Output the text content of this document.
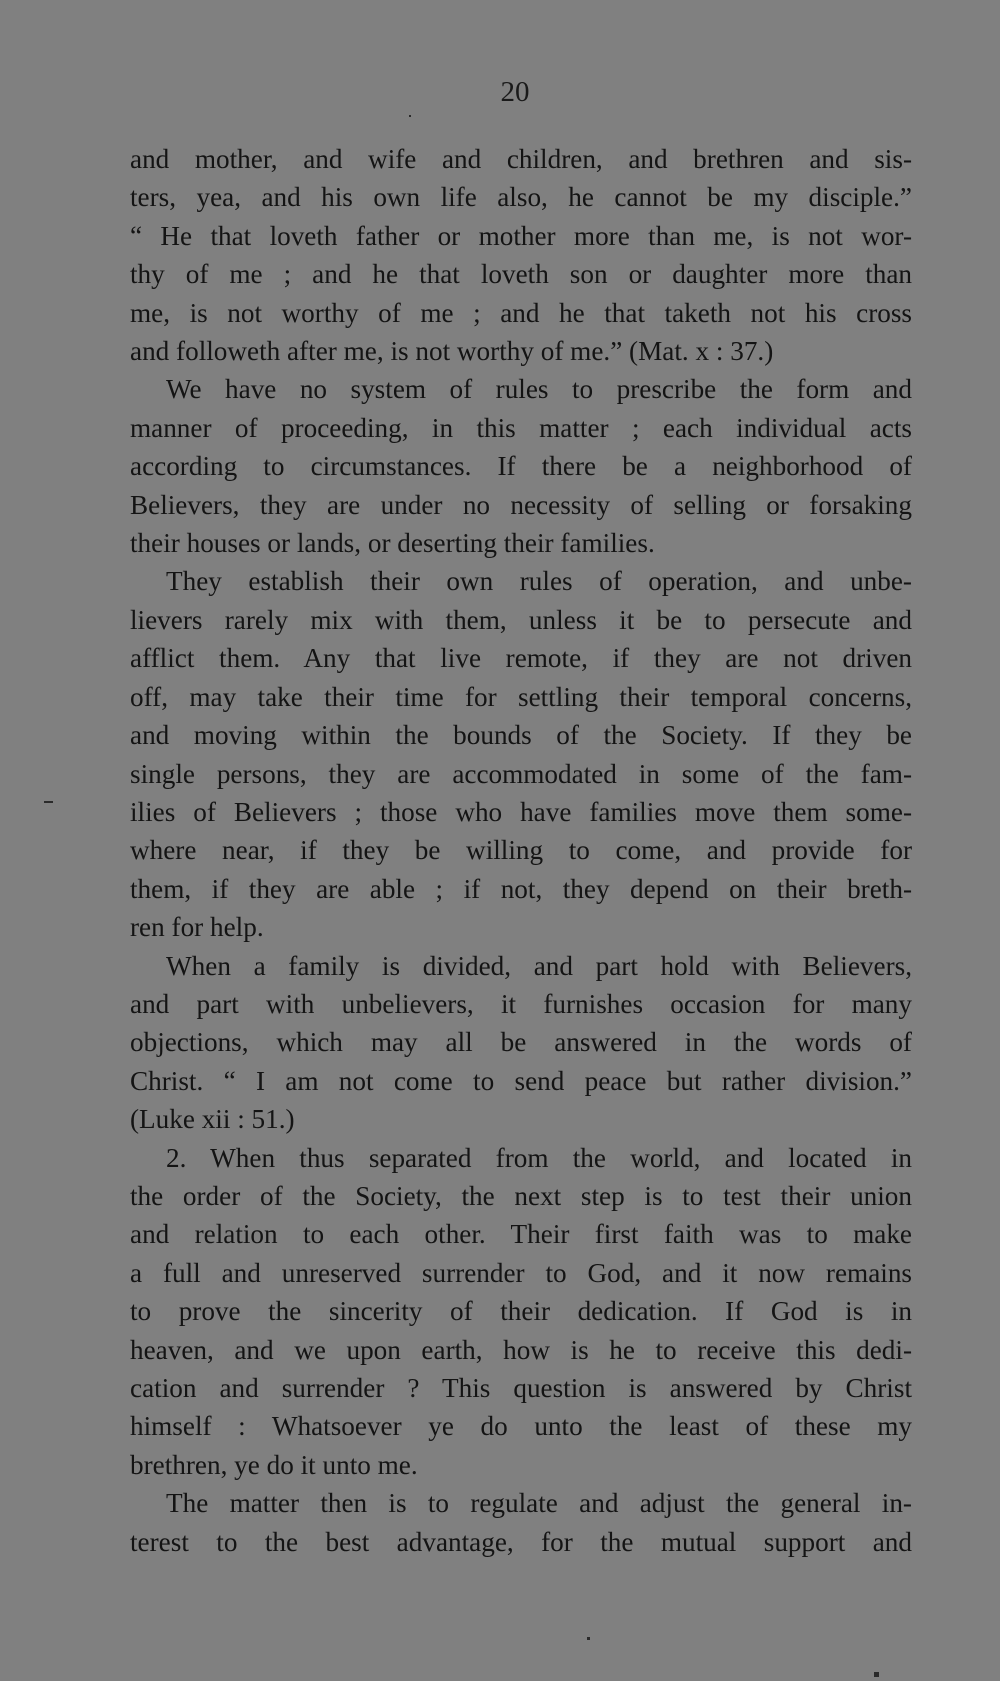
20
and mother, and wife and children, and brethren and sis-
ters, yea, and his own life also, he cannot be my disciple.”
“ He that loveth father or mother more than me, is not wor-
thy of me ; and he that loveth son or daughter more than
me, is not worthy of me ; and he that taketh not his cross
and followeth after me, is not worthy of me.” (Mat. x : 37.)
We have no system of rules to prescribe the form and
manner of proceeding, in this matter ; each individual acts
according to circumstances. If there be a neighborhood of
Believers, they are under no necessity of selling or forsaking
their houses or lands, or deserting their families.
They establish their own rules of operation, and unbe-
lievers rarely mix with them, unless it be to persecute and
afflict them. Any that live remote, if they are not driven
off, may take their time for settling their temporal concerns,
and moving within the bounds of the Society. If they be
single persons, they are accommodated in some of the fam-
ilies of Believers ; those who have families move them some-
where near, if they be willing to come, and provide for
them, if they are able ; if not, they depend on their breth-
ren for help.
When a family is divided, and part hold with Believers,
and part with unbelievers, it furnishes occasion for many
objections, which may all be answered in the words of
Christ. “ I am not come to send peace but rather division.”
(Luke xii : 51.)
2. When thus separated from the world, and located in
the order of the Society, the next step is to test their union
and relation to each other. Their first faith was to make
a full and unreserved surrender to God, and it now remains
to prove the sincerity of their dedication. If God is in
heaven, and we upon earth, how is he to receive this dedi-
cation and surrender ? This question is answered by Christ
himself : Whatsoever ye do unto the least of these my
brethren, ye do it unto me.
The matter then is to regulate and adjust the general in-
terest to the best advantage, for the mutual support and
